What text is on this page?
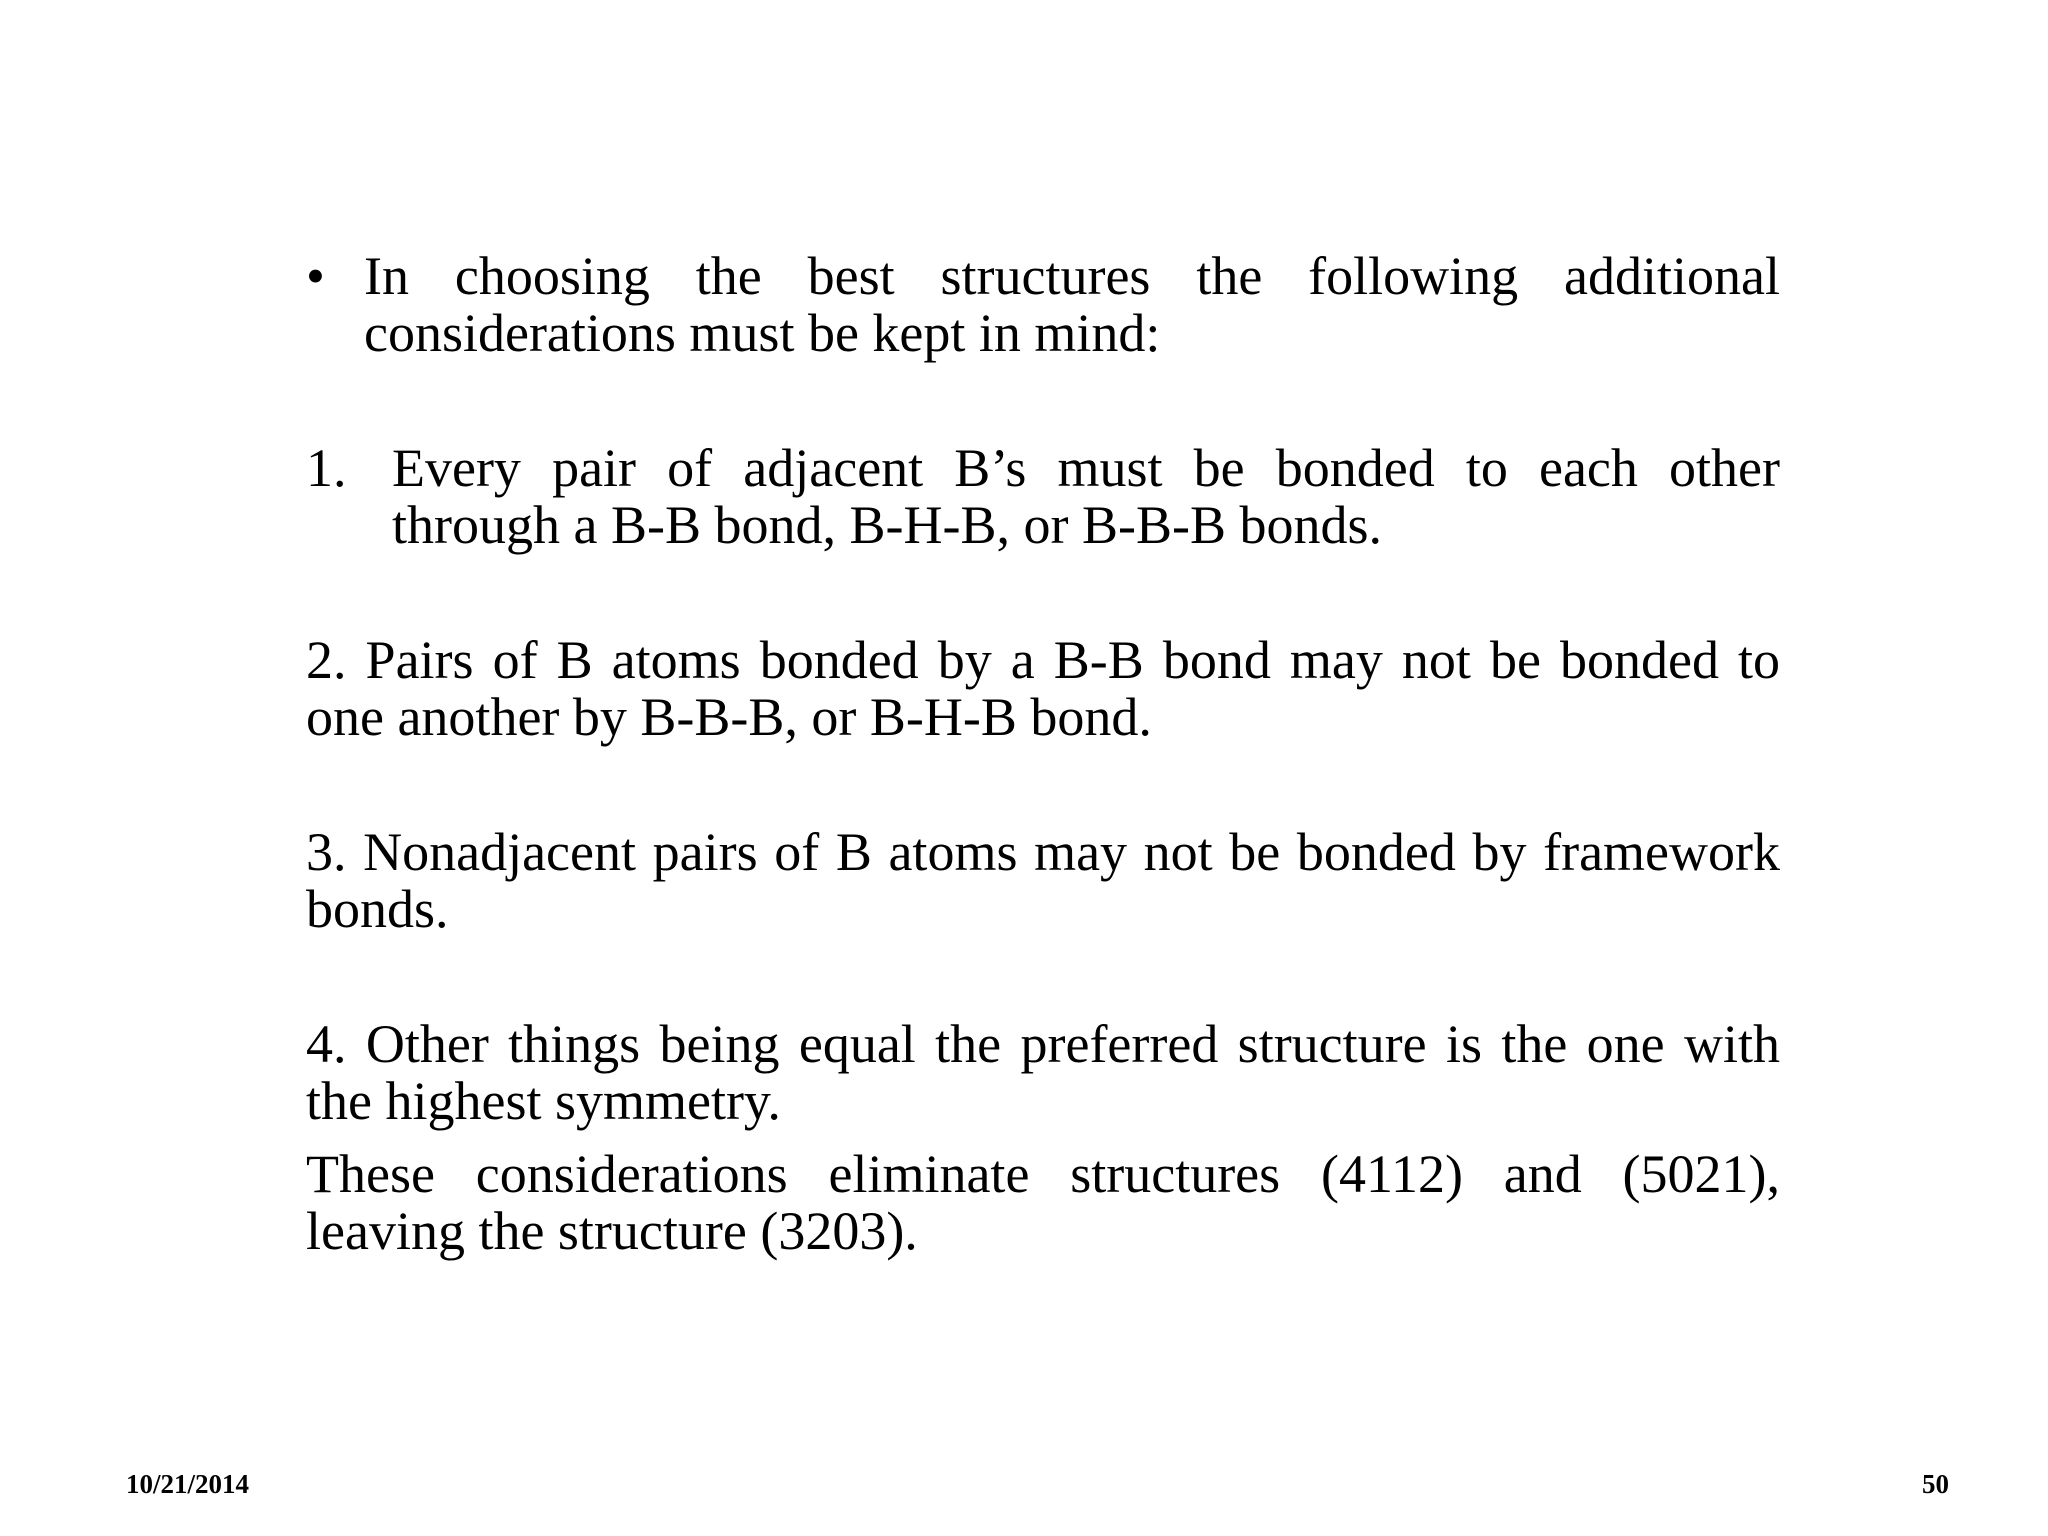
• In choosing the best structures the following additional considerations must be kept in mind:
1. Every pair of adjacent B’s must be bonded to each other through a B-B bond, B-H-B, or B-B-B bonds.

2. Pairs of B atoms bonded by a B-B bond may not be bonded to one another by B-B-B, or B-H-B bond.

3. Nonadjacent pairs of B atoms may not be bonded by framework bonds.

4. Other things being equal the preferred structure is the one with the highest symmetry.

These considerations eliminate structures (4112) and (5021), leaving the structure (3203).

10/21/2014	50
